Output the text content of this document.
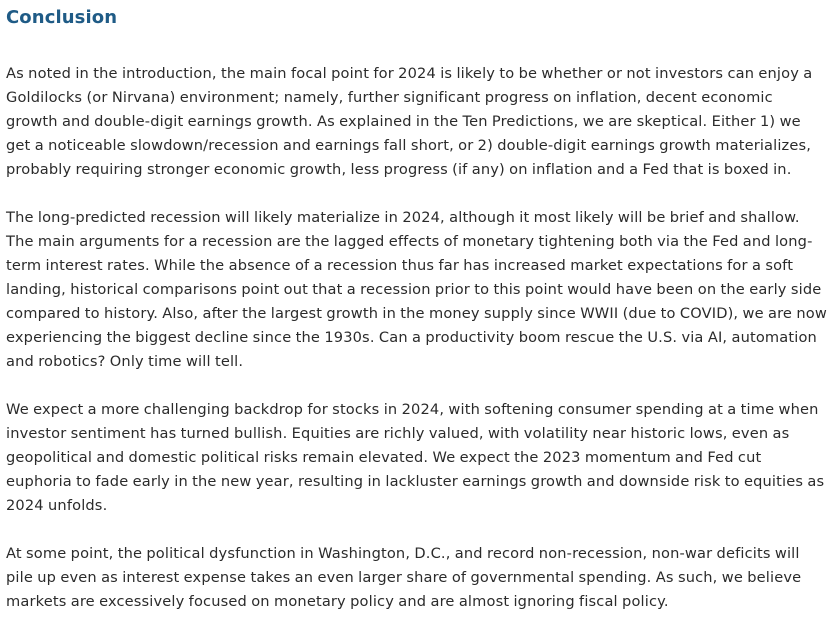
Conclusion

As noted in the introduction, the main focal point for 2024 is likely to be whether or not investors can enjoy a Goldilocks (or Nirvana) environment; namely, further significant progress on inflation, decent economic growth and double-digit earnings growth. As explained in the Ten Predictions, we are skeptical. Either 1) we get a noticeable slowdown/recession and earnings fall short, or 2) double-digit earnings growth materializes, probably requiring stronger economic growth, less progress (if any) on inflation and a Fed that is boxed in.

The long-predicted recession will likely materialize in 2024, although it most likely will be brief and shallow. The main arguments for a recession are the lagged effects of monetary tightening both via the Fed and long-term interest rates. While the absence of a recession thus far has increased market expectations for a soft landing, historical comparisons point out that a recession prior to this point would have been on the early side compared to history. Also, after the largest growth in the money supply since WWII (due to COVID), we are now experiencing the biggest decline since the 1930s. Can a productivity boom rescue the U.S. via AI, automation and robotics? Only time will tell.

We expect a more challenging backdrop for stocks in 2024, with softening consumer spending at a time when investor sentiment has turned bullish. Equities are richly valued, with volatility near historic lows, even as geopolitical and domestic political risks remain elevated. We expect the 2023 momentum and Fed cut euphoria to fade early in the new year, resulting in lackluster earnings growth and downside risk to equities as 2024 unfolds.

At some point, the political dysfunction in Washington, D.C., and record non-recession, non-war deficits will pile up even as interest expense takes an even larger share of governmental spending. As such, we believe markets are excessively focused on monetary policy and are almost ignoring fiscal policy.
